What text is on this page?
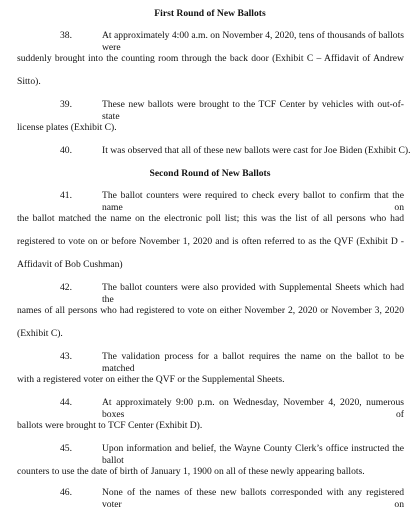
First Round of New Ballots
38.	At approximately 4:00 a.m. on November 4, 2020, tens of thousands of ballots were
suddenly brought into the counting room through the back door (Exhibit C – Affidavit of Andrew
Sitto).
39.	These new ballots were brought to the TCF Center by vehicles with out-of-state
license plates (Exhibit C).
40.	It was observed that all of these new ballots were cast for Joe Biden (Exhibit C).
Second Round of New Ballots
41.	The ballot counters were required to check every ballot to confirm that the name on
the ballot matched the name on the electronic poll list; this was the list of all persons who had
registered to vote on or before November 1, 2020 and is often referred to as the QVF (Exhibit D -
Affidavit of Bob Cushman)
42.	The ballot counters were also provided with Supplemental Sheets which had the
names of all persons who had registered to vote on either November 2, 2020 or November 3, 2020
(Exhibit C).
43.	The validation process for a ballot requires the name on the ballot to be matched
with a registered voter on either the QVF or the Supplemental Sheets.
44.	At approximately 9:00 p.m. on Wednesday, November 4, 2020, numerous boxes of
ballots were brought to TCF Center (Exhibit D).
45.	Upon information and belief, the Wayne County Clerk’s office instructed the ballot
counters to use the date of birth of January 1, 1900 on all of these newly appearing ballots.
46.	None of the names of these new ballots corresponded with any registered voter on
